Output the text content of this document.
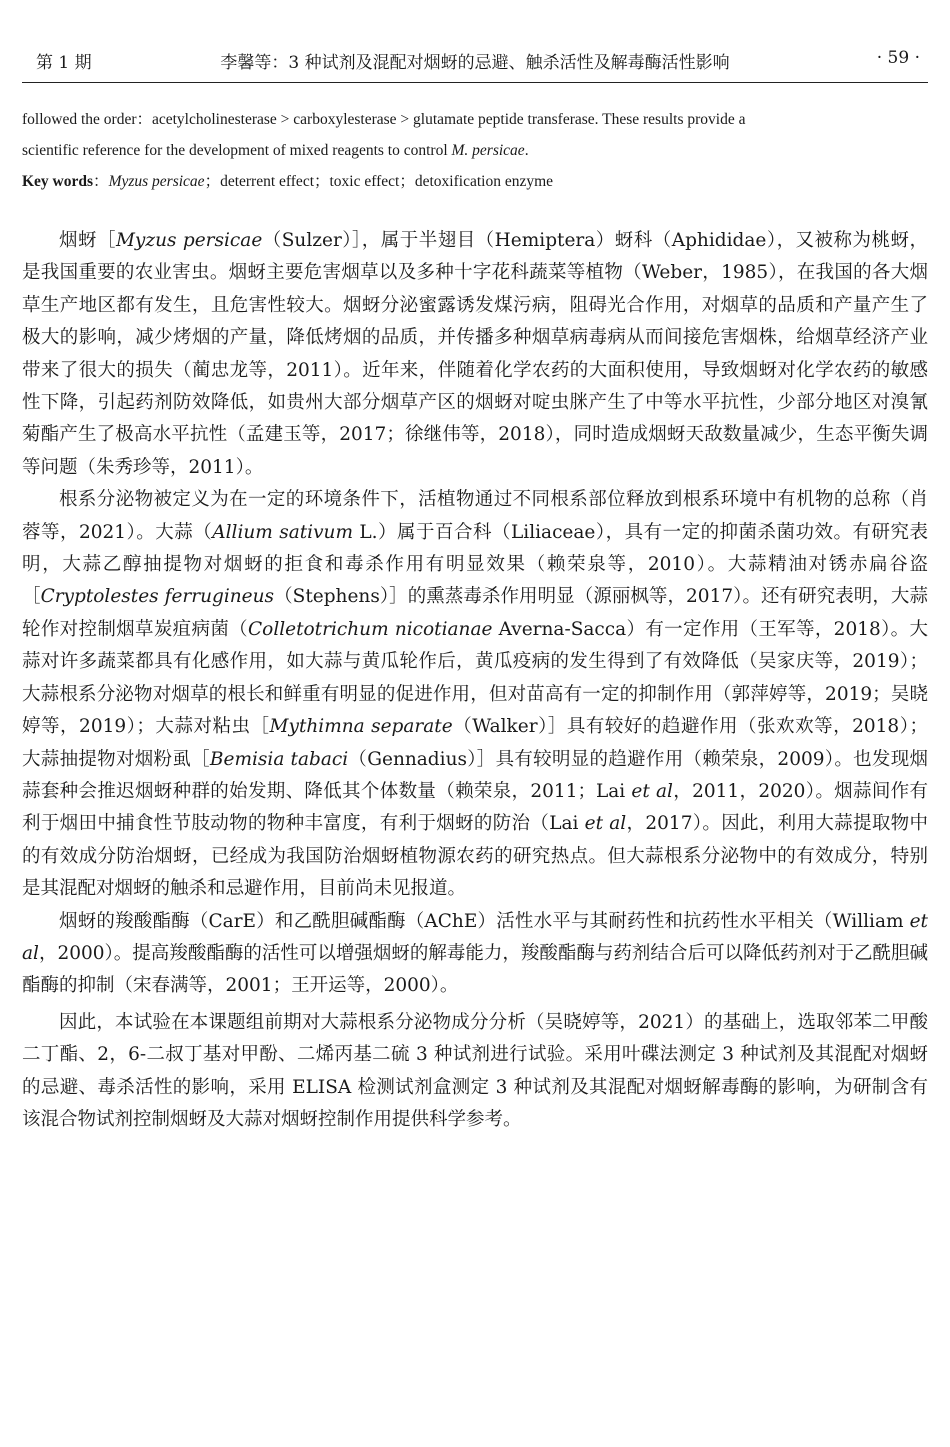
第 1 期	李馨等：3 种试剂及混配对烟蚜的忌避、触杀活性及解毒酶活性影响	· 59 ·

followed the order：acetylcholinesterase > carboxylesterase > glutamate peptide transferase. These results provide a

scientific reference for the development of mixed reagents to control M. persicae.

Key words：Myzus persicae；deterrent effect；toxic effect；detoxification enzyme

烟蚜［Myzus persicae（Sulzer）］，属于半翅目（Hemiptera）蚜科（Aphididae），又被称为桃蚜，是我国重要的农业害虫。烟蚜主要危害烟草以及多种十字花科蔬菜等植物（Weber，1985），在我国的各大烟草生产地区都有发生，且危害性较大。烟蚜分泌蜜露诱发煤污病，阻碍光合作用，对烟草的品质和产量产生了极大的影响，减少烤烟的产量，降低烤烟的品质，并传播多种烟草病毒病从而间接危害烟株，给烟草经济产业带来了很大的损失（蔺忠龙等，2011）。近年来，伴随着化学农药的大面积使用，导致烟蚜对化学农药的敏感性下降，引起药剂防效降低，如贵州大部分烟草产区的烟蚜对啶虫脒产生了中等水平抗性，少部分地区对溴氰菊酯产生了极高水平抗性（孟建玉等，2017；徐继伟等，2018），同时造成烟蚜天敌数量减少，生态平衡失调等问题（朱秀珍等，2011）。

根系分泌物被定义为在一定的环境条件下，活植物通过不同根系部位释放到根系环境中有机物的总称（肖蓉等，2021）。大蒜（Allium sativum L.）属于百合科（Liliaceae），具有一定的抑菌杀菌功效。有研究表明，大蒜乙醇抽提物对烟蚜的拒食和毒杀作用有明显效果（赖荣泉等，2010）。大蒜精油对锈赤扁谷盗［Cryptolestes ferrugineus（Stephens）］的熏蒸毒杀作用明显（源丽枫等，2017）。还有研究表明，大蒜轮作对控制烟草炭疽病菌（Colletotrichum nicotianae Averna-Sacca）有一定作用（王军等，2018）。大蒜对许多蔬菜都具有化感作用，如大蒜与黄瓜轮作后，黄瓜疫病的发生得到了有效降低（吴家庆等，2019）；大蒜根系分泌物对烟草的根长和鲜重有明显的促进作用，但对苗高有一定的抑制作用（郭萍婷等，2019；吴晓婷等，2019）；大蒜对粘虫［Mythimna separate（Walker）］具有较好的趋避作用（张欢欢等，2018）；大蒜抽提物对烟粉虱［Bemisia tabaci（Gennadius）］具有较明显的趋避作用（赖荣泉，2009）。也发现烟蒜套种会推迟烟蚜种群的始发期、降低其个体数量（赖荣泉，2011；Lai et al，2011，2020）。烟蒜间作有利于烟田中捕食性节肢动物的物种丰富度，有利于烟蚜的防治（Lai et al，2017）。因此，利用大蒜提取物中的有效成分防治烟蚜，已经成为我国防治烟蚜植物源农药的研究热点。但大蒜根系分泌物中的有效成分，特别是其混配对烟蚜的触杀和忌避作用，目前尚未见报道。

烟蚜的羧酸酯酶（CarE）和乙酰胆碱酯酶（AChE）活性水平与其耐药性和抗药性水平相关（William et al，2000）。提高羧酸酯酶的活性可以增强烟蚜的解毒能力，羧酸酯酶与药剂结合后可以降低药剂对于乙酰胆碱酯酶的抑制（宋春满等，2001；王开运等，2000）。

因此，本试验在本课题组前期对大蒜根系分泌物成分分析（吴晓婷等，2021）的基础上，选取邻苯二甲酸二丁酯、2，6-二叔丁基对甲酚、二烯丙基二硫 3 种试剂进行试验。采用叶碟法测定 3 种试剂及其混配对烟蚜的忌避、毒杀活性的影响，采用 ELISA 检测试剂盒测定 3 种试剂及其混配对烟蚜解毒酶的影响，为研制含有该混合物试剂控制烟蚜及大蒜对烟蚜控制作用提供科学参考。
